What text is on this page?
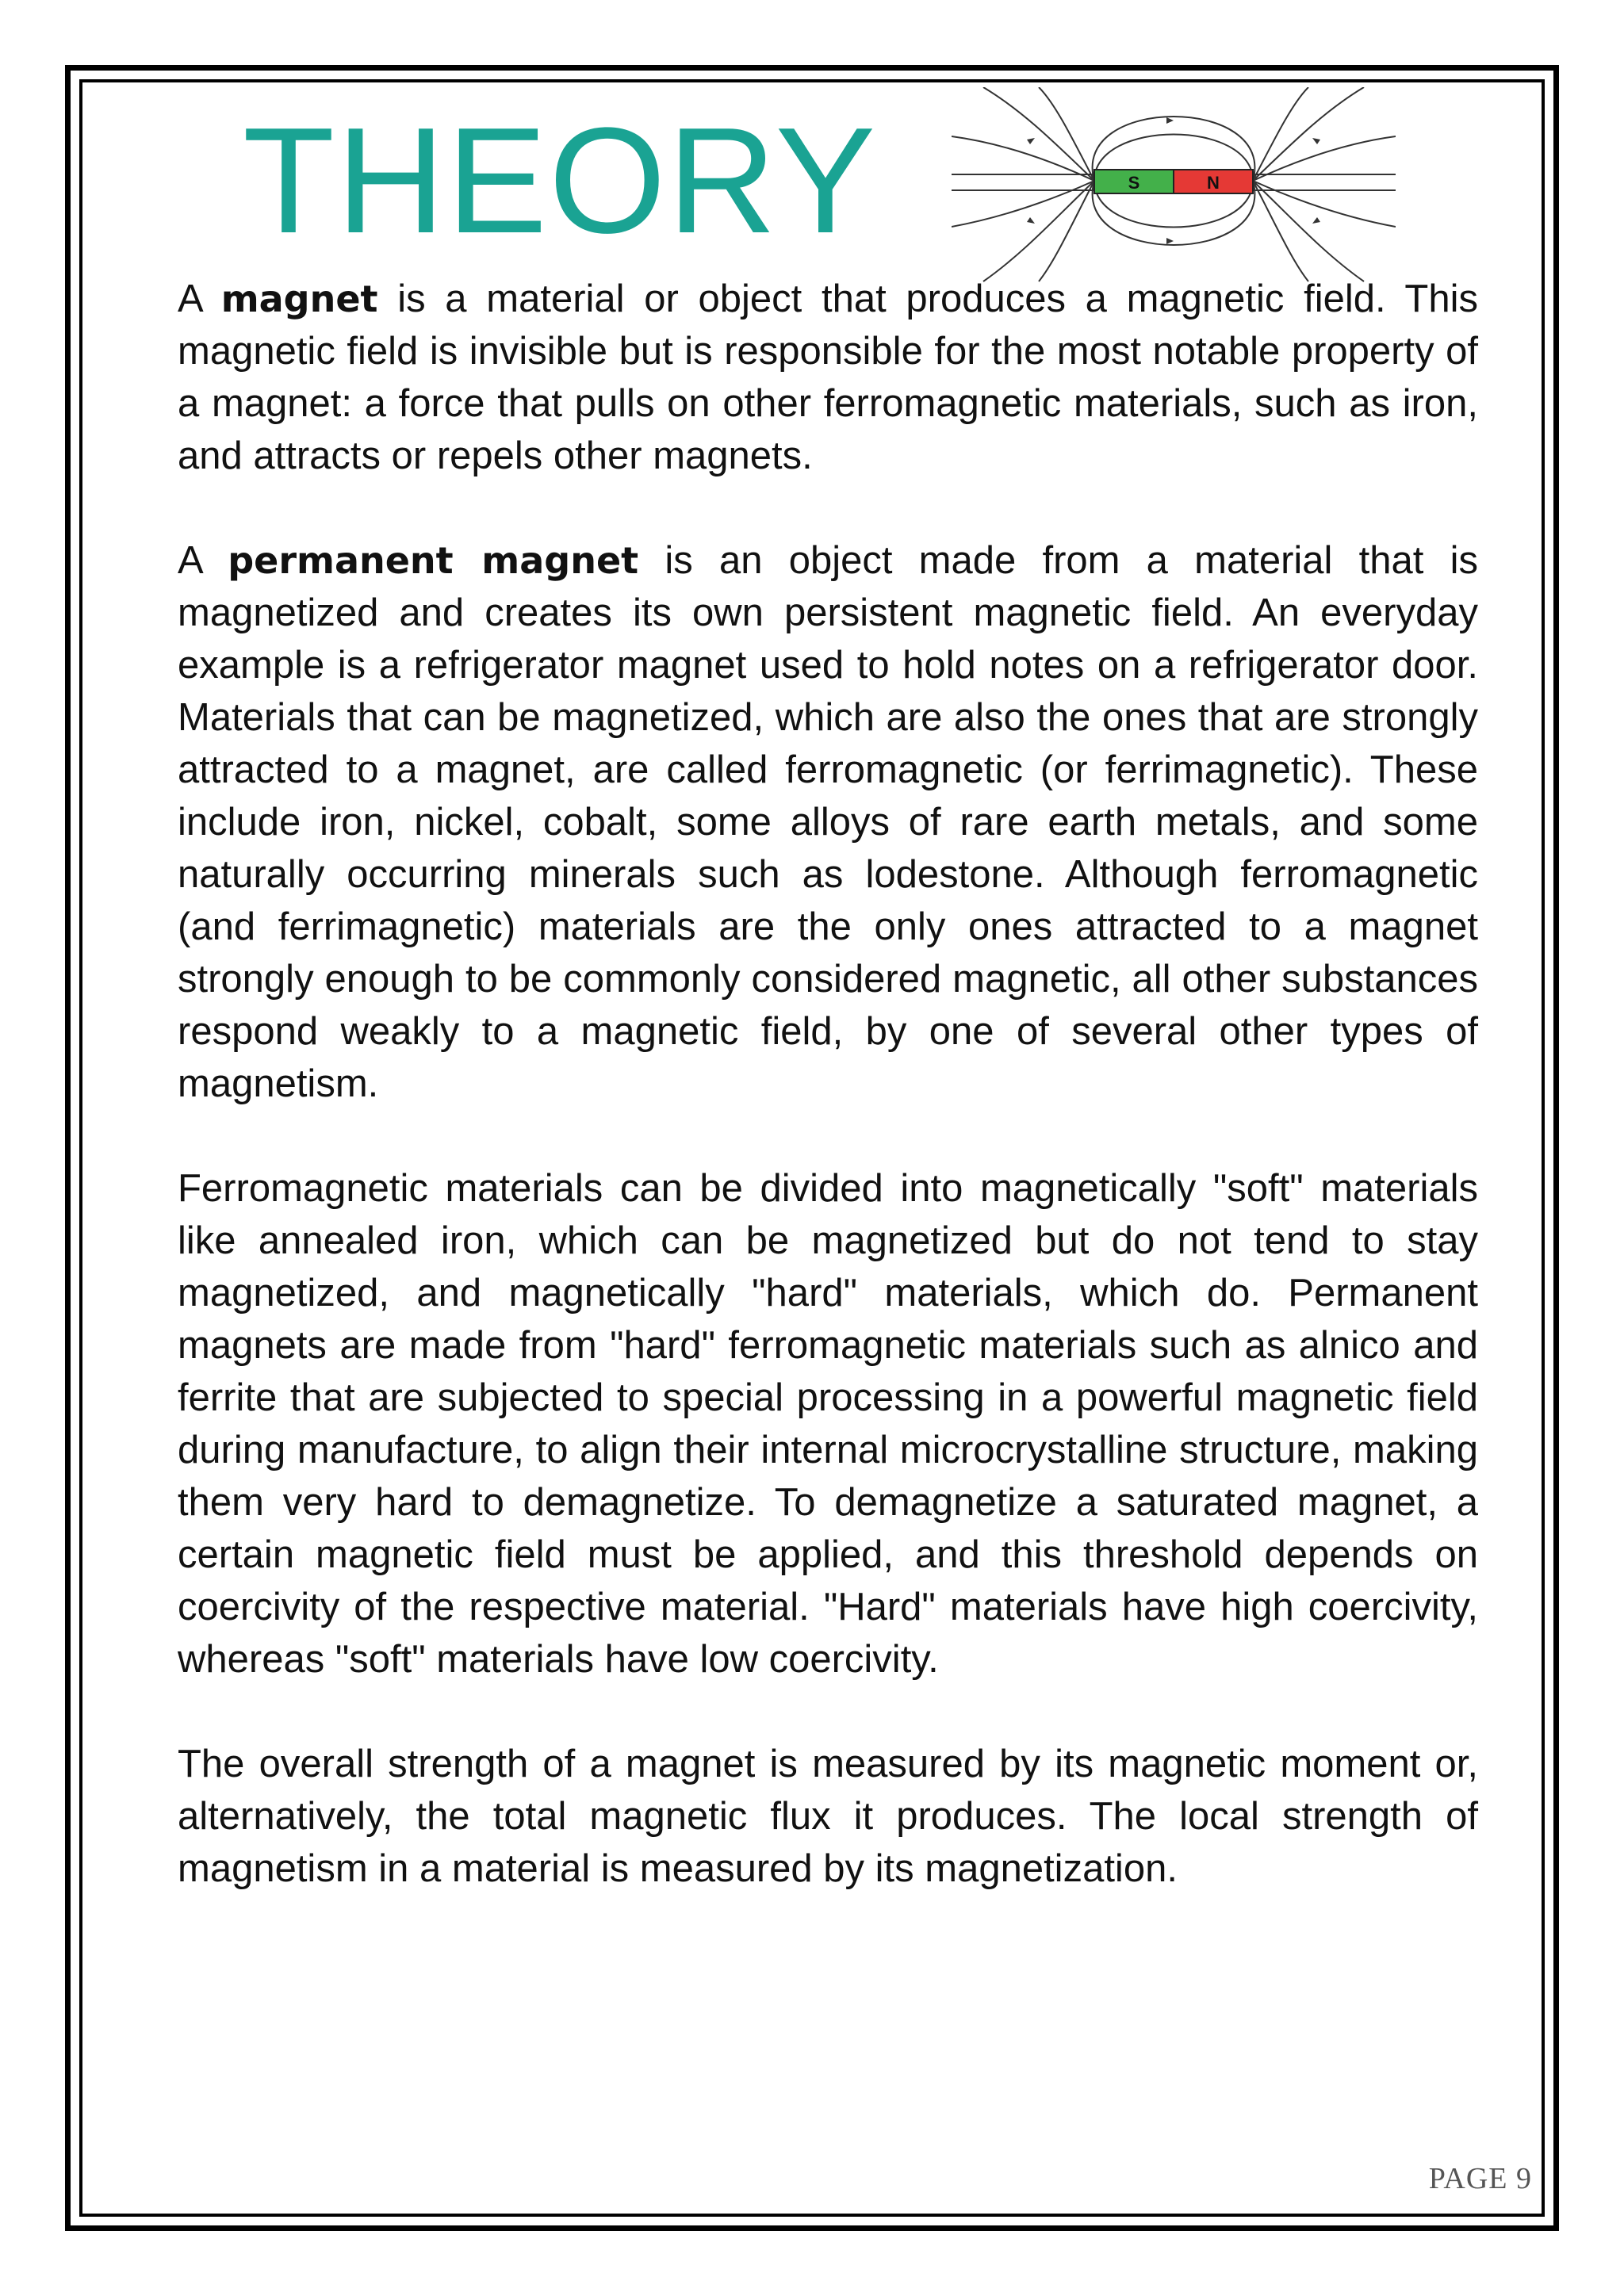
THEORY	S	N

A magnet is a material or object that produces a magnetic field. This magnetic field is invisible but is responsible for the most notable property of a magnet: a force that pulls on other ferromagnetic materials, such as iron, and attracts or repels other magnets.

A permanent magnet is an object made from a material that is magnetized and creates its own persistent magnetic field. An everyday example is a refrigerator magnet used to hold notes on a refrigerator door. Materials that can be magnetized, which are also the ones that are strongly attracted to a magnet, are called ferromagnetic (or ferrimagnetic). These include iron, nickel, cobalt, some alloys of rare earth metals, and some naturally occurring minerals such as lodestone. Although ferromagnetic (and ferrimagnetic) materials are the only ones attracted to a magnet strongly enough to be commonly considered magnetic, all other substances respond weakly to a magnetic field, by one of several other types of magnetism.

Ferromagnetic materials can be divided into magnetically "soft" materials like annealed iron, which can be magnetized but do not tend to stay magnetized, and magnetically "hard" materials, which do. Permanent magnets are made from "hard" ferromagnetic materials such as alnico and ferrite that are subjected to special processing in a powerful magnetic field during manufacture, to align their internal microcrystalline structure, making them very hard to demagnetize. To demagnetize a saturated magnet, a certain magnetic field must be applied, and this threshold depends on coercivity of the respective material. "Hard" materials have high coercivity, whereas "soft" materials have low coercivity.

The overall strength of a magnet is measured by its magnetic moment or, alternatively, the total magnetic flux it produces. The local strength of magnetism in a material is measured by its magnetization.

PAGE 9
